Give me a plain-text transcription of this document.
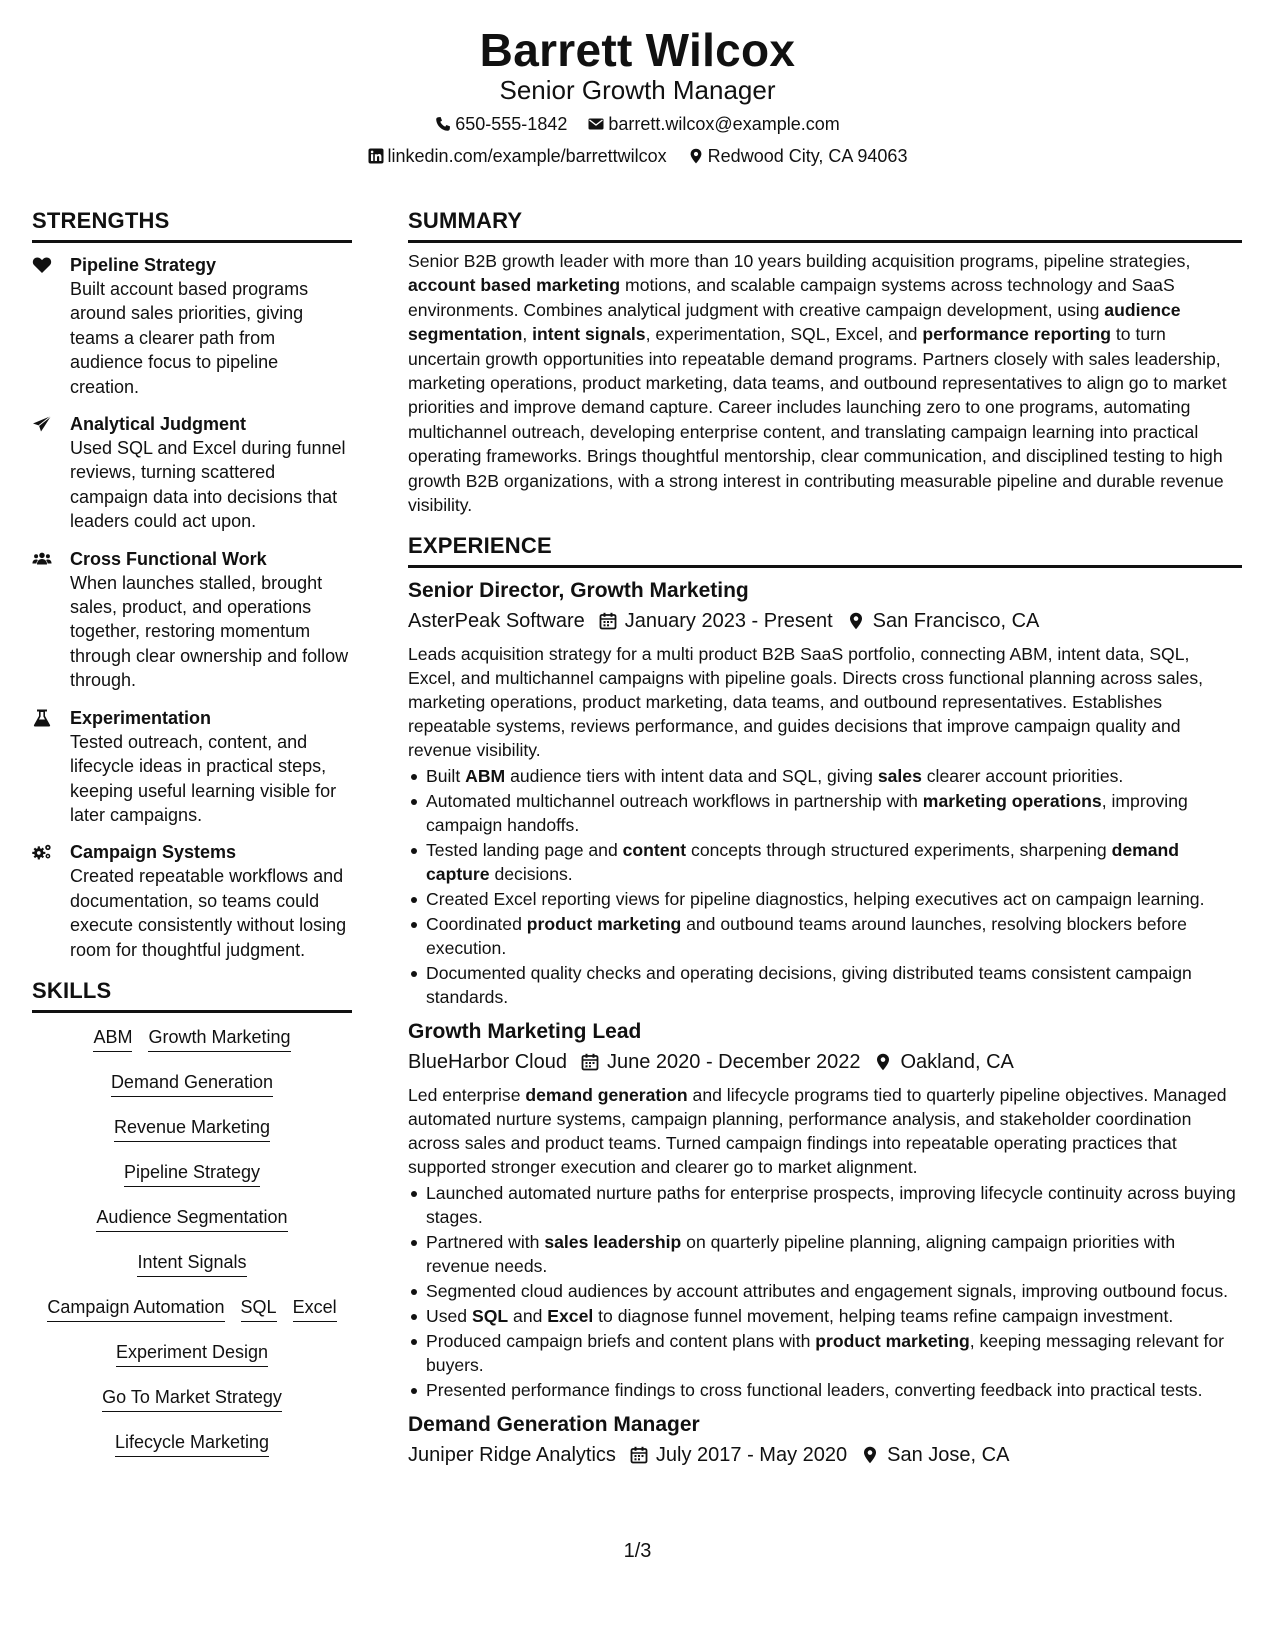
Barrett Wilcox
Senior Growth Manager
650-555-1842 barrett.wilcox@example.com
linkedin.com/example/barrettwilcox Redwood City, CA 94063
STRENGTHS
Pipeline Strategy
Built account based programs around sales priorities, giving teams a clearer path from audience focus to pipeline creation.
Analytical Judgment
Used SQL and Excel during funnel reviews, turning scattered campaign data into decisions that leaders could act upon.
Cross Functional Work
When launches stalled, brought sales, product, and operations together, restoring momentum through clear ownership and follow through.
Experimentation
Tested outreach, content, and lifecycle ideas in practical steps, keeping useful learning visible for later campaigns.
Campaign Systems
Created repeatable workflows and documentation, so teams could execute consistently without losing room for thoughtful judgment.
SKILLS
ABM Growth Marketing
Demand Generation
Revenue Marketing
Pipeline Strategy
Audience Segmentation
Intent Signals
Campaign Automation SQL Excel
Experiment Design
Go To Market Strategy
Lifecycle Marketing
SUMMARY
Senior B2B growth leader with more than 10 years building acquisition programs, pipeline strategies, account based marketing motions, and scalable campaign systems across technology and SaaS environments. Combines analytical judgment with creative campaign development, using audience segmentation, intent signals, experimentation, SQL, Excel, and performance reporting to turn uncertain growth opportunities into repeatable demand programs. Partners closely with sales leadership, marketing operations, product marketing, data teams, and outbound representatives to align go to market priorities and improve demand capture. Career includes launching zero to one programs, automating multichannel outreach, developing enterprise content, and translating campaign learning into practical operating frameworks. Brings thoughtful mentorship, clear communication, and disciplined testing to high growth B2B organizations, with a strong interest in contributing measurable pipeline and durable revenue visibility.
EXPERIENCE
Senior Director, Growth Marketing
AsterPeak Software January 2023 - Present San Francisco, CA
Leads acquisition strategy for a multi product B2B SaaS portfolio, connecting ABM, intent data, SQL, Excel, and multichannel campaigns with pipeline goals. Directs cross functional planning across sales, marketing operations, product marketing, data teams, and outbound representatives. Establishes repeatable systems, reviews performance, and guides decisions that improve campaign quality and revenue visibility.
Built ABM audience tiers with intent data and SQL, giving sales clearer account priorities.
Automated multichannel outreach workflows in partnership with marketing operations, improving campaign handoffs.
Tested landing page and content concepts through structured experiments, sharpening demand capture decisions.
Created Excel reporting views for pipeline diagnostics, helping executives act on campaign learning.
Coordinated product marketing and outbound teams around launches, resolving blockers before execution.
Documented quality checks and operating decisions, giving distributed teams consistent campaign standards.
Growth Marketing Lead
BlueHarbor Cloud June 2020 - December 2022 Oakland, CA
Led enterprise demand generation and lifecycle programs tied to quarterly pipeline objectives. Managed automated nurture systems, campaign planning, performance analysis, and stakeholder coordination across sales and product teams. Turned campaign findings into repeatable operating practices that supported stronger execution and clearer go to market alignment.
Launched automated nurture paths for enterprise prospects, improving lifecycle continuity across buying stages.
Partnered with sales leadership on quarterly pipeline planning, aligning campaign priorities with revenue needs.
Segmented cloud audiences by account attributes and engagement signals, improving outbound focus.
Used SQL and Excel to diagnose funnel movement, helping teams refine campaign investment.
Produced campaign briefs and content plans with product marketing, keeping messaging relevant for buyers.
Presented performance findings to cross functional leaders, converting feedback into practical tests.
Demand Generation Manager
Juniper Ridge Analytics July 2017 - May 2020 San Jose, CA
1/3
